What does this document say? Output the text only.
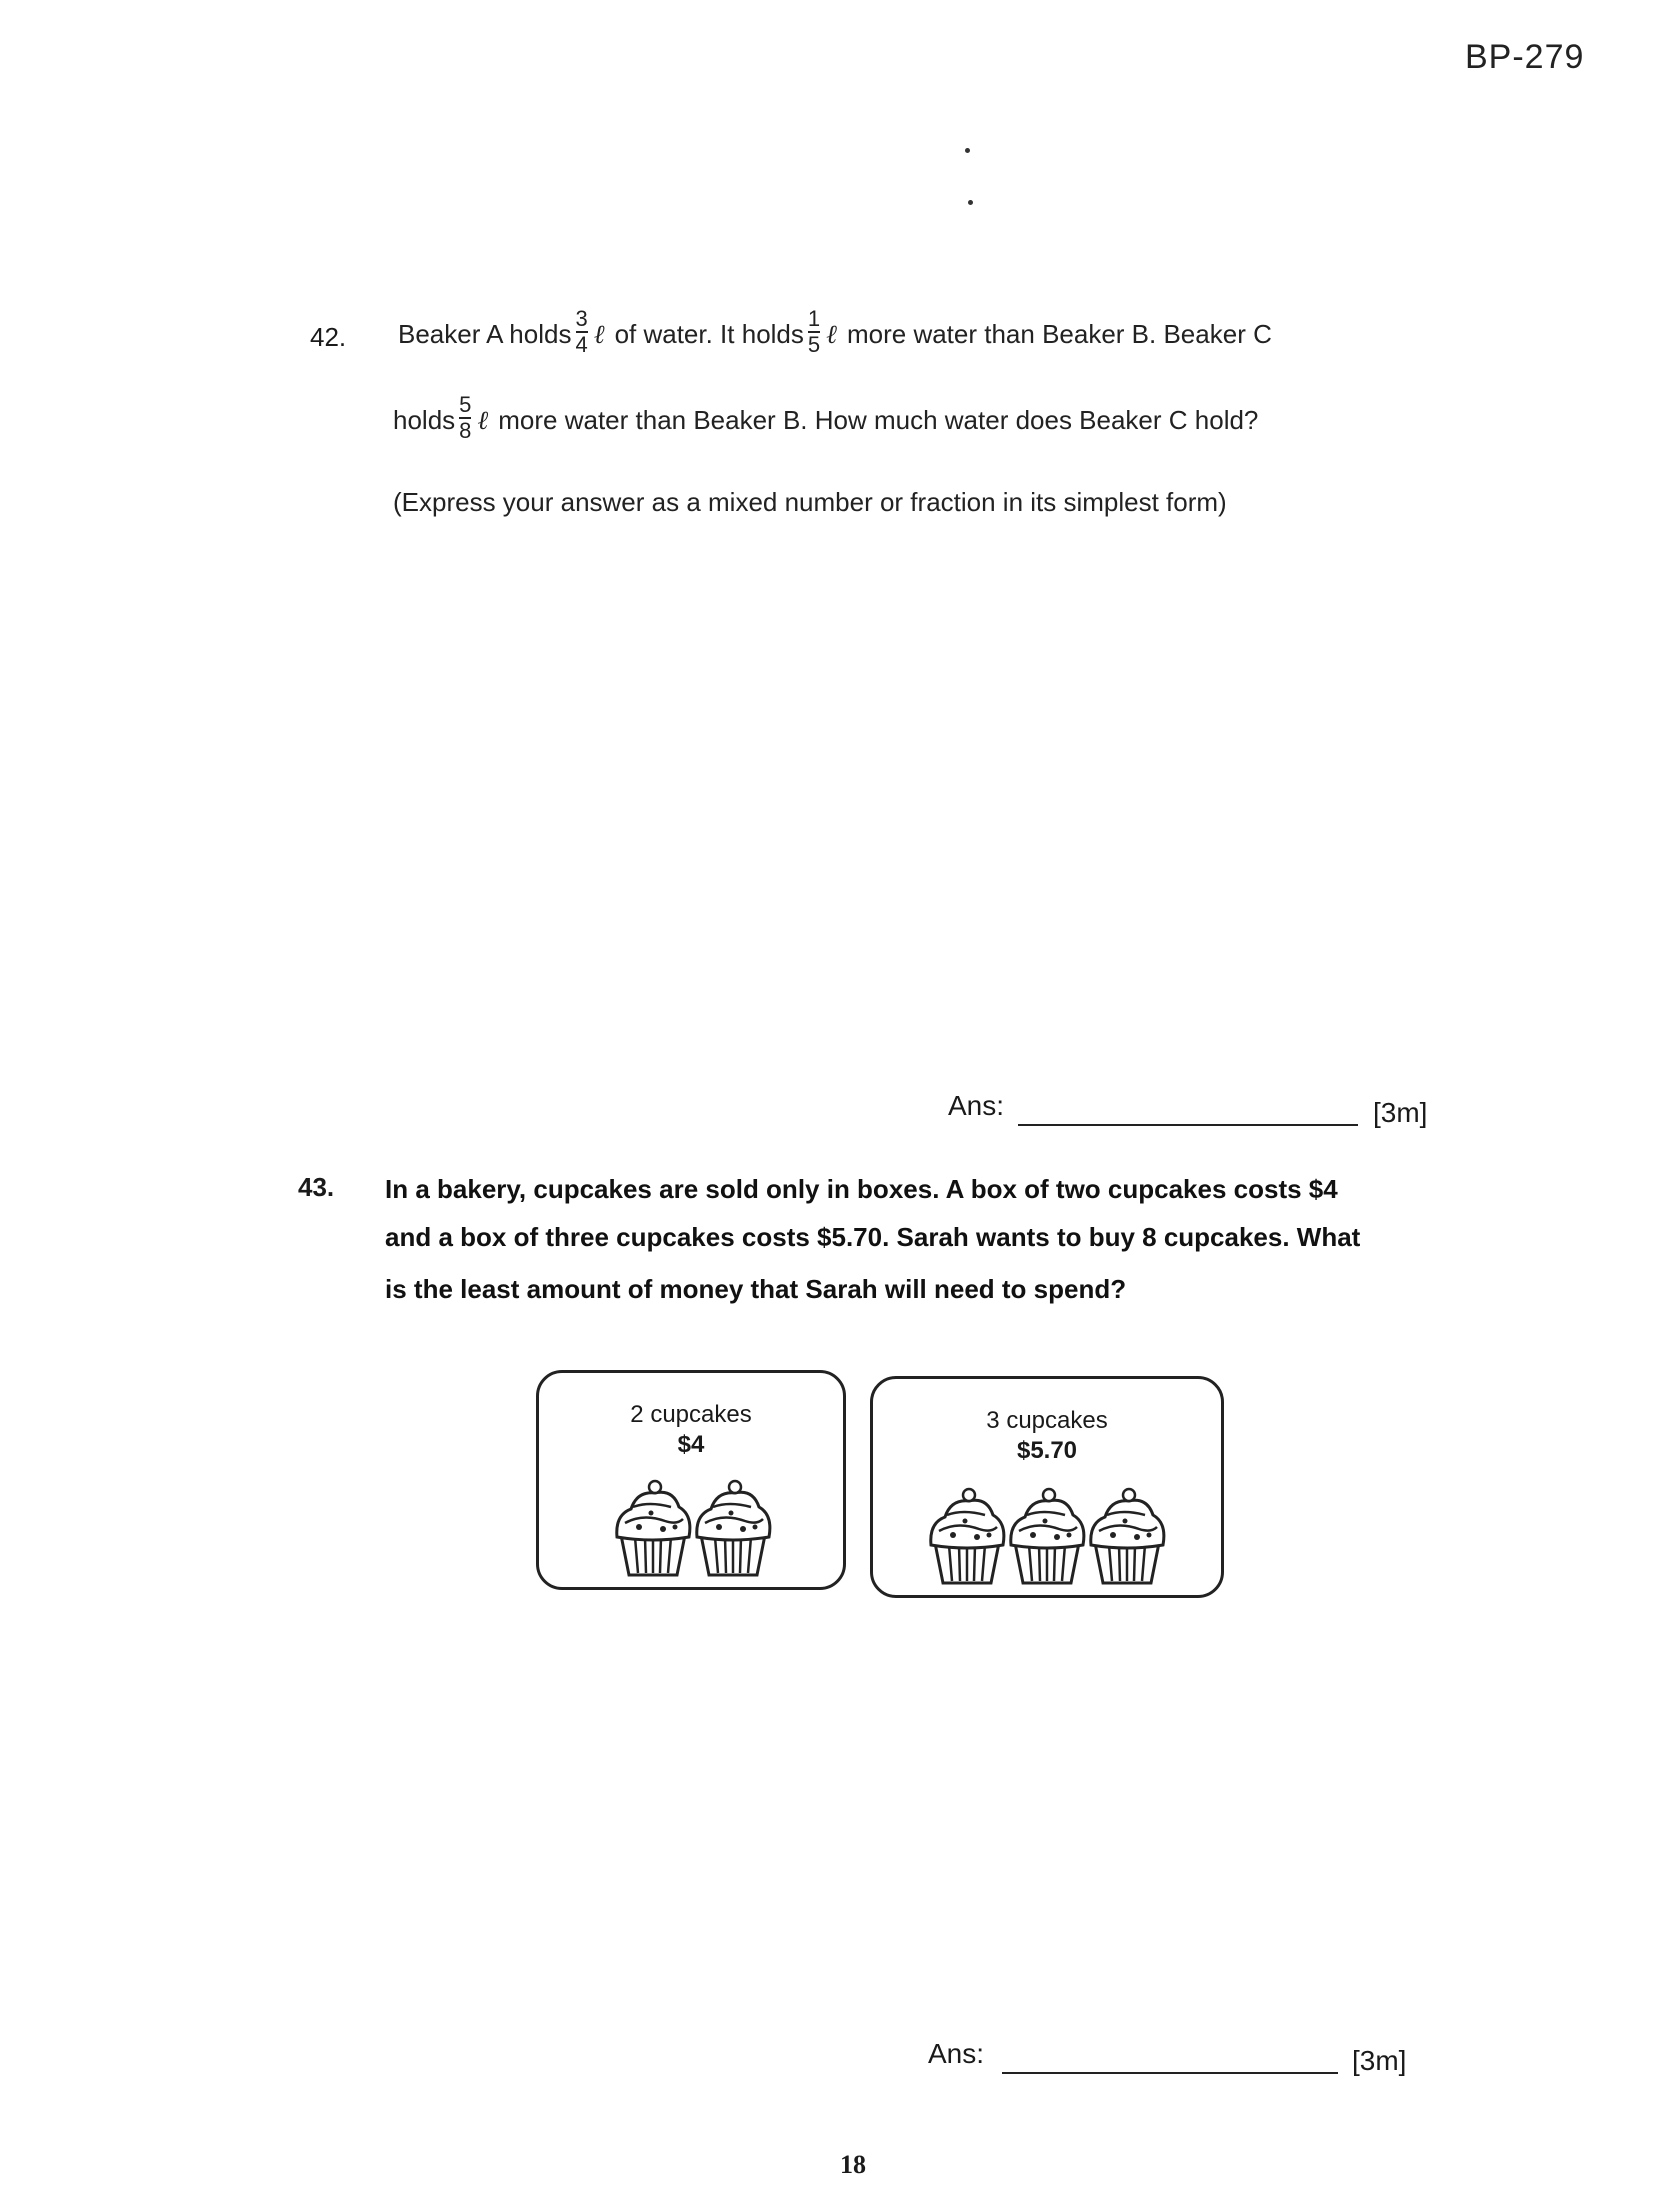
BP-279
42. Beaker A holds $\frac{3}{4}$ ℓ of water. It holds $\frac{1}{5}$ ℓ more water than Beaker B. Beaker C
holds $\frac{5}{8}$ ℓ more water than Beaker B. How much water does Beaker C hold?
(Express your answer as a mixed number or fraction in its simplest form)
Ans:	[3m]
43. In a bakery, cupcakes are sold only in boxes. A box of two cupcakes costs $4
and a box of three cupcakes costs $5.70. Sarah wants to buy 8 cupcakes. What
is the least amount of money that Sarah will need to spend?
2 cupcakes
$4
3 cupcakes
$5.70
Ans:	[3m]
18
